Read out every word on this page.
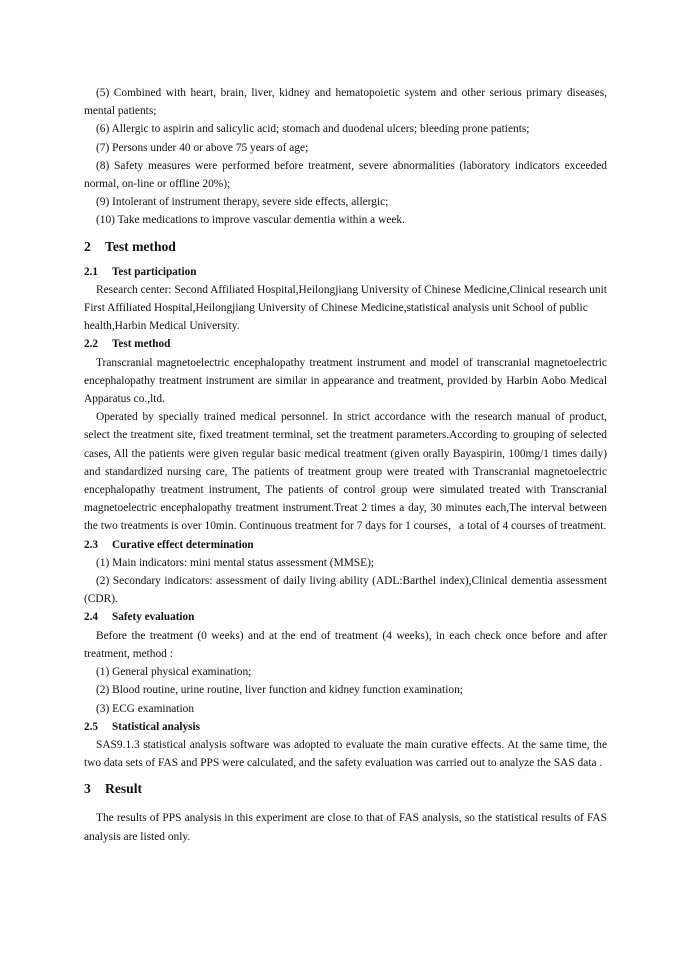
(5) Combined with heart, brain, liver, kidney and hematopoietic system and other serious primary diseases, mental patients;

(6) Allergic to aspirin and salicylic acid; stomach and duodenal ulcers; bleeding prone patients;

(7) Persons under 40 or above 75 years of age;

(8) Safety measures were performed before treatment, severe abnormalities (laboratory indicators exceeded normal, on-line or offline 20%);

(9) Intolerant of instrument therapy, severe side effects, allergic;

(10) Take medications to improve vascular dementia within a week.

2 Test method
2.1 Test participation

Research center: Second Affiliated Hospital,Heilongjiang University of Chinese Medicine,Clinical research unit First Affiliated Hospital,Heilongjiang University of Chinese Medicine,statistical analysis unit School of public health,Harbin Medical University.

2.2 Test method

Transcranial magnetoelectric encephalopathy treatment instrument and model of transcranial magnetoelectric encephalopathy treatment instrument are similar in appearance and treatment, provided by Harbin Aobo Medical Apparatus co.,ltd.

Operated by specially trained medical personnel. In strict accordance with the research manual of product, select the treatment site, fixed treatment terminal, set the treatment parameters.According to grouping of selected cases, All the patients were given regular basic medical treatment (given orally Bayaspirin, 100mg/1 times daily) and standardized nursing care, The patients of treatment group were treated with Transcranial magnetoelectric encephalopathy treatment instrument, The patients of control group were simulated treated with Transcranial magnetoelectric encephalopathy treatment instrument.Treat 2 times a day, 30 minutes each,The interval between the two treatments is over 10min. Continuous treatment for 7 days for 1 courses，a total of 4 courses of treatment.

2.3 Curative effect determination

(1) Main indicators: mini mental status assessment (MMSE);

(2) Secondary indicators: assessment of daily living ability (ADL:Barthel index),Clinical dementia assessment (CDR).

2.4 Safety evaluation

Before the treatment (0 weeks) and at the end of treatment (4 weeks), in each check once before and after treatment, method :

(1) General physical examination;

(2) Blood routine, urine routine, liver function and kidney function examination;

(3) ECG examination

2.5 Statistical analysis

SAS9.1.3 statistical analysis software was adopted to evaluate the main curative effects. At the same time, the two data sets of FAS and PPS were calculated, and the safety evaluation was carried out to analyze the SAS data .

3 Result

The results of PPS analysis in this experiment are close to that of FAS analysis, so the statistical results of FAS analysis are listed only.
